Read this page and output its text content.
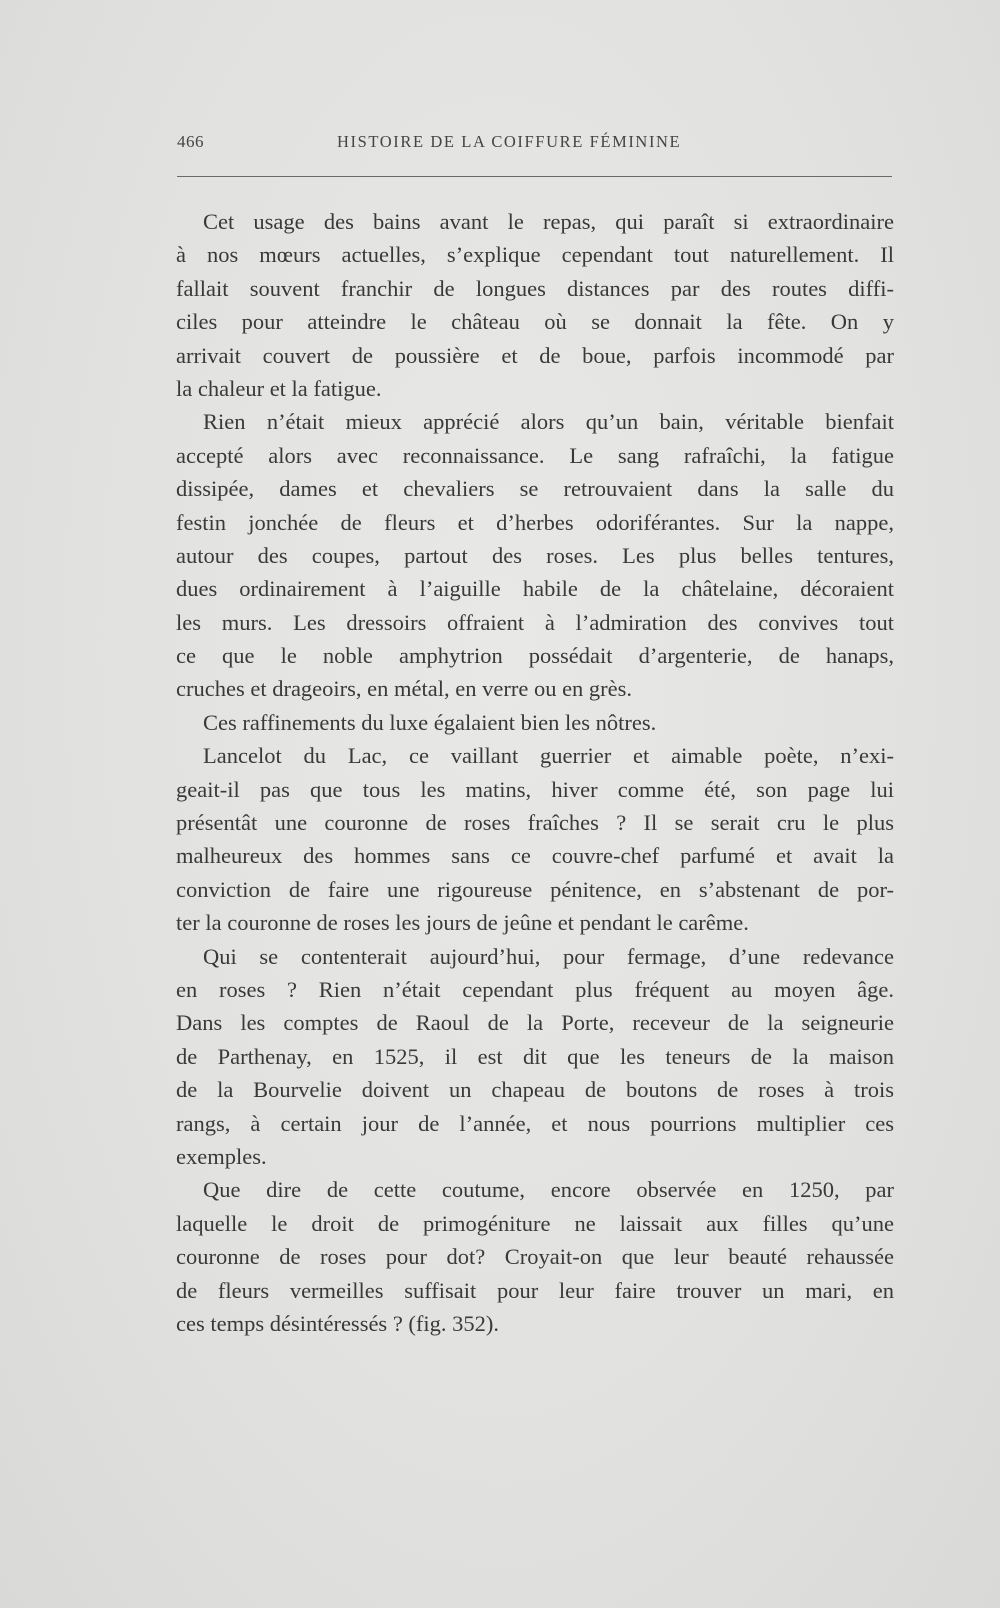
466	HISTOIRE DE LA COIFFURE FÉMININE
Cet usage des bains avant le repas, qui paraît si extraordinaire
à nos mœurs actuelles, s’explique cependant tout naturellement. Il
fallait souvent franchir de longues distances par des routes diffi-
ciles pour atteindre le château où se donnait la fête. On y
arrivait couvert de poussière et de boue, parfois incommodé par
la chaleur et la fatigue.
Rien n’était mieux apprécié alors qu’un bain, véritable bienfait
accepté alors avec reconnaissance. Le sang rafraîchi, la fatigue
dissipée, dames et chevaliers se retrouvaient dans la salle du
festin jonchée de fleurs et d’herbes odoriférantes. Sur la nappe,
autour des coupes, partout des roses. Les plus belles tentures,
dues ordinairement à l’aiguille habile de la châtelaine, décoraient
les murs. Les dressoirs offraient à l’admiration des convives tout
ce que le noble amphytrion possédait d’argenterie, de hanaps,
cruches et drageoirs, en métal, en verre ou en grès.
Ces raffinements du luxe égalaient bien les nôtres.
Lancelot du Lac, ce vaillant guerrier et aimable poète, n’exi-
geait-il pas que tous les matins, hiver comme été, son page lui
présentât une couronne de roses fraîches ? Il se serait cru le plus
malheureux des hommes sans ce couvre-chef parfumé et avait la
conviction de faire une rigoureuse pénitence, en s’abstenant de por-
ter la couronne de roses les jours de jeûne et pendant le carême.
Qui se contenterait aujourd’hui, pour fermage, d’une redevance
en roses ? Rien n’était cependant plus fréquent au moyen âge.
Dans les comptes de Raoul de la Porte, receveur de la seigneurie
de Parthenay, en 1525, il est dit que les teneurs de la maison
de la Bourvelie doivent un chapeau de boutons de roses à trois
rangs, à certain jour de l’année, et nous pourrions multiplier ces
exemples.
Que dire de cette coutume, encore observée en 1250, par
laquelle le droit de primogéniture ne laissait aux filles qu’une
couronne de roses pour dot? Croyait-on que leur beauté rehaussée
de fleurs vermeilles suffisait pour leur faire trouver un mari, en
ces temps désintéressés ? (fig. 352).
